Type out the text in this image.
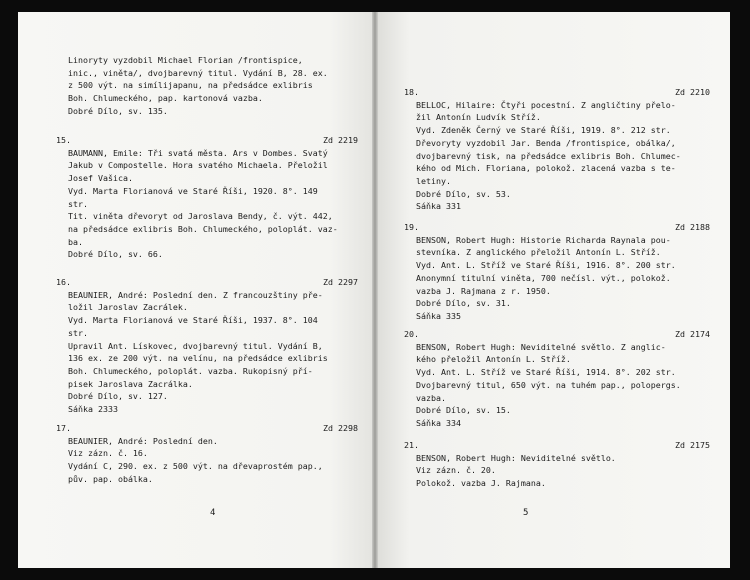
Linoryty vyzdobil Michael Florian /frontispice,
inic., viněta/, dvojbarevný titul. Vydání B, 28. ex.
z 500 výt. na simílijapanu, na předsádce exlibris
Boh. Chlumeckého, pap. kartonová vazba.
Dobré Dílo, sv. 135.
15.	Zd 2219
BAUMANN, Emile: Tři svatá města. Ars v Dombes. Svatý
Jakub v Compostelle. Hora svatého Michaela. Přeložil
Josef Vašica.
Vyd. Marta Florianová ve Staré Říši, 1920. 8°. 149
str.
Tit. viněta dřevoryt od Jaroslava Bendy, č. výt. 442,
na předsádce exlibris Boh. Chlumeckého, poloplát. vaz-
ba.
Dobré Dílo, sv. 66.
16.	Zd 2297
BEAUNIER, André: Poslední den. Z francouzštiny pře-
ložil Jaroslav Zacrálek.
Vyd. Marta Florianová ve Staré Říši, 1937. 8°. 104
str.
Upravil Ant. Lískovec, dvojbarevný titul. Vydání B,
136 ex. ze 200 výt. na velínu, na předsádce exlibris
Boh. Chlumeckého, poloplát. vazba. Rukopisný pří-
pisek Jaroslava Zacrálka.
Dobré Dílo, sv. 127.
Sáňka 2333
17.	Zd 2298
BEAUNIER, André: Poslední den.
Viz zázn. č. 16.
Vydání C, 290. ex. z 500 výt. na dřevaprostém pap.,
pův. pap. obálka.
4
18.	Zd 2210
BELLOC, Hilaire: Čtyři pocestní. Z angličtiny přelo-
žil Antonín Ludvík Stříž.
Vyd. Zdeněk Černý ve Staré Říši, 1919. 8°. 212 str.
Dřevoryty vyzdobil Jar. Benda /frontispice, obálka/,
dvojbarevný tisk, na předsádce exlibris Boh. Chlumec-
kého od Mich. Floriana, polokož. zlacená vazba s te-
letiny.
Dobré Dílo, sv. 53.
Sáňka 331
19.	Zd 2188
BENSON, Robert Hugh: Historie Richarda Raynala pou-
stevníka. Z anglického přeložil Antonín L. Stříž.
Vyd. Ant. L. Stříž ve Staré Říši, 1916. 8°. 200 str.
Anonymní titulní viněta, 700 nečísl. výt., polokož.
vazba J. Rajmana z r. 1950.
Dobré Dílo, sv. 31.
Sáňka 335
20.	Zd 2174
BENSON, Robert Hugh: Neviditelné světlo. Z anglic-
kého přeložil Antonín L. Stříž.
Vyd. Ant. L. Stříž ve Staré Říši, 1914. 8°. 202 str.
Dvojbarevný titul, 650 výt. na tuhém pap., polopergs.
vazba.
Dobré Dílo, sv. 15.
Sáňka 334
21.	Zd 2175
BENSON, Robert Hugh: Neviditelné světlo.
Viz zázn. č. 20.
Polokož. vazba J. Rajmana.
5
